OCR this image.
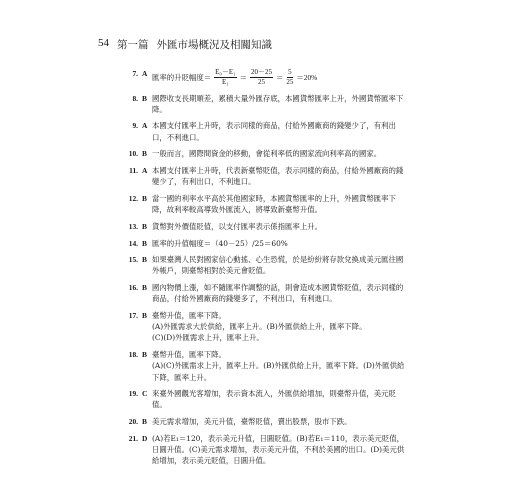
54 第一篇 外匯市場概況及相關知識
7. A 匯率的升貶幅度＝ $\frac{\text{E₀－E₁}}{\text{E₁}} = \frac{20-25}{25} = \frac{5}{25} =20\%$
8. B 國際收支長期順差，累積大量外匯存底，本國貨幣匯率上升，外國貨幣匯率下降。
9. A 本國支付匯率上升時，表示同樣的商品，付給外國廠商的錢變少了，有利出口，不利進口。
10. B 一般而言，國際間資金的移動，會從利率低的國家流向利率高的國家。
11. A 本國支付匯率上升時，代表新臺幣貶值，表示同樣的商品，付給外國廠商的錢變少了，有利出口，不利進口。
12. B 當一國的利率水平高於其他國家時，本國貨幣匯率的上升，外國貨幣匯率下降，故利率較高導致外匯流入，將導致新臺幣升值。
13. B 貨幣對外價值貶值，以支付匯率表示係指匯率上升。
14. B 匯率的升值幅度＝（40－25）/25＝60%
15. B 如果臺灣人民對國家信心動搖、心生恐慌，於是紛紛將存款兌換成美元匯往國外帳戶，則臺幣相對於美元會貶值。
16. B 國內物價上漲，如不隨匯率作調整的話，則會造成本國貨幣貶值，表示同樣的商品，付給外國廠商的錢變多了，不利出口，有利進口。
17. B 臺幣升值，匯率下降。
(A)外匯需求大於供給，匯率上升。(B)外匯供給上升，匯率下降。
(C)(D)外匯需求上升，匯率上升。
18. B 臺幣升值，匯率下降。
(A)(C)外匯需求上升，匯率上升。(B)外匯供給上升，匯率下降。(D)外匯供給下降，匯率上升。
19. C 來臺外國觀光客增加，表示資本流入，外匯供給增加，則臺幣升值，美元貶值。
20. B 美元需求增加，美元升值，臺幣貶值，賣出股票，股市下跌。
21. D (A)若E₁＝120，表示美元升值，日圓貶值。(B)若E₁＝110，表示美元貶值，日圓升值。(C)美元需求增加，表示美元升值，不利於美國的出口。(D)美元供給增加，表示美元貶值，日圓升值。
